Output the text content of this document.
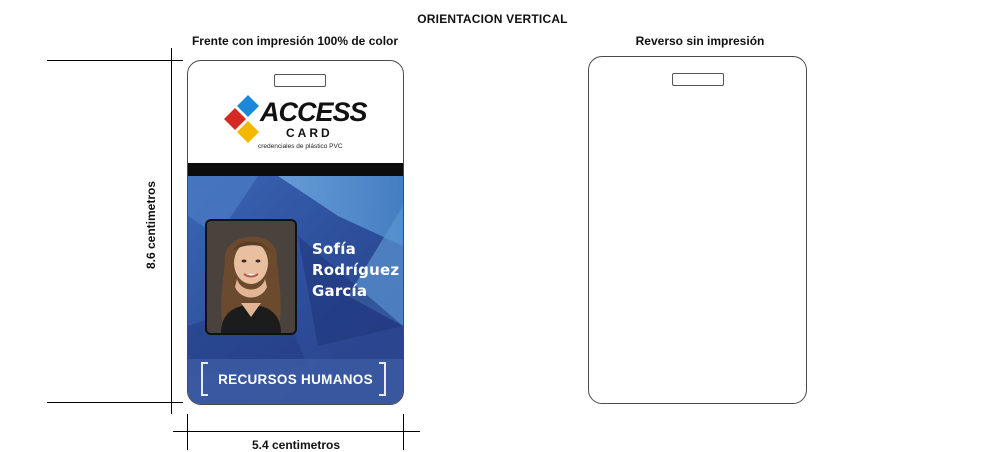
ORIENTACION VERTICAL
Frente con impresión 100% de color	Reverso sin impresión
8.6 centimetros
5.4 centimetros
ACCESS
CARD
credenciales de plástico PVC
Sofía
Rodríguez
García
RECURSOS HUMANOS
